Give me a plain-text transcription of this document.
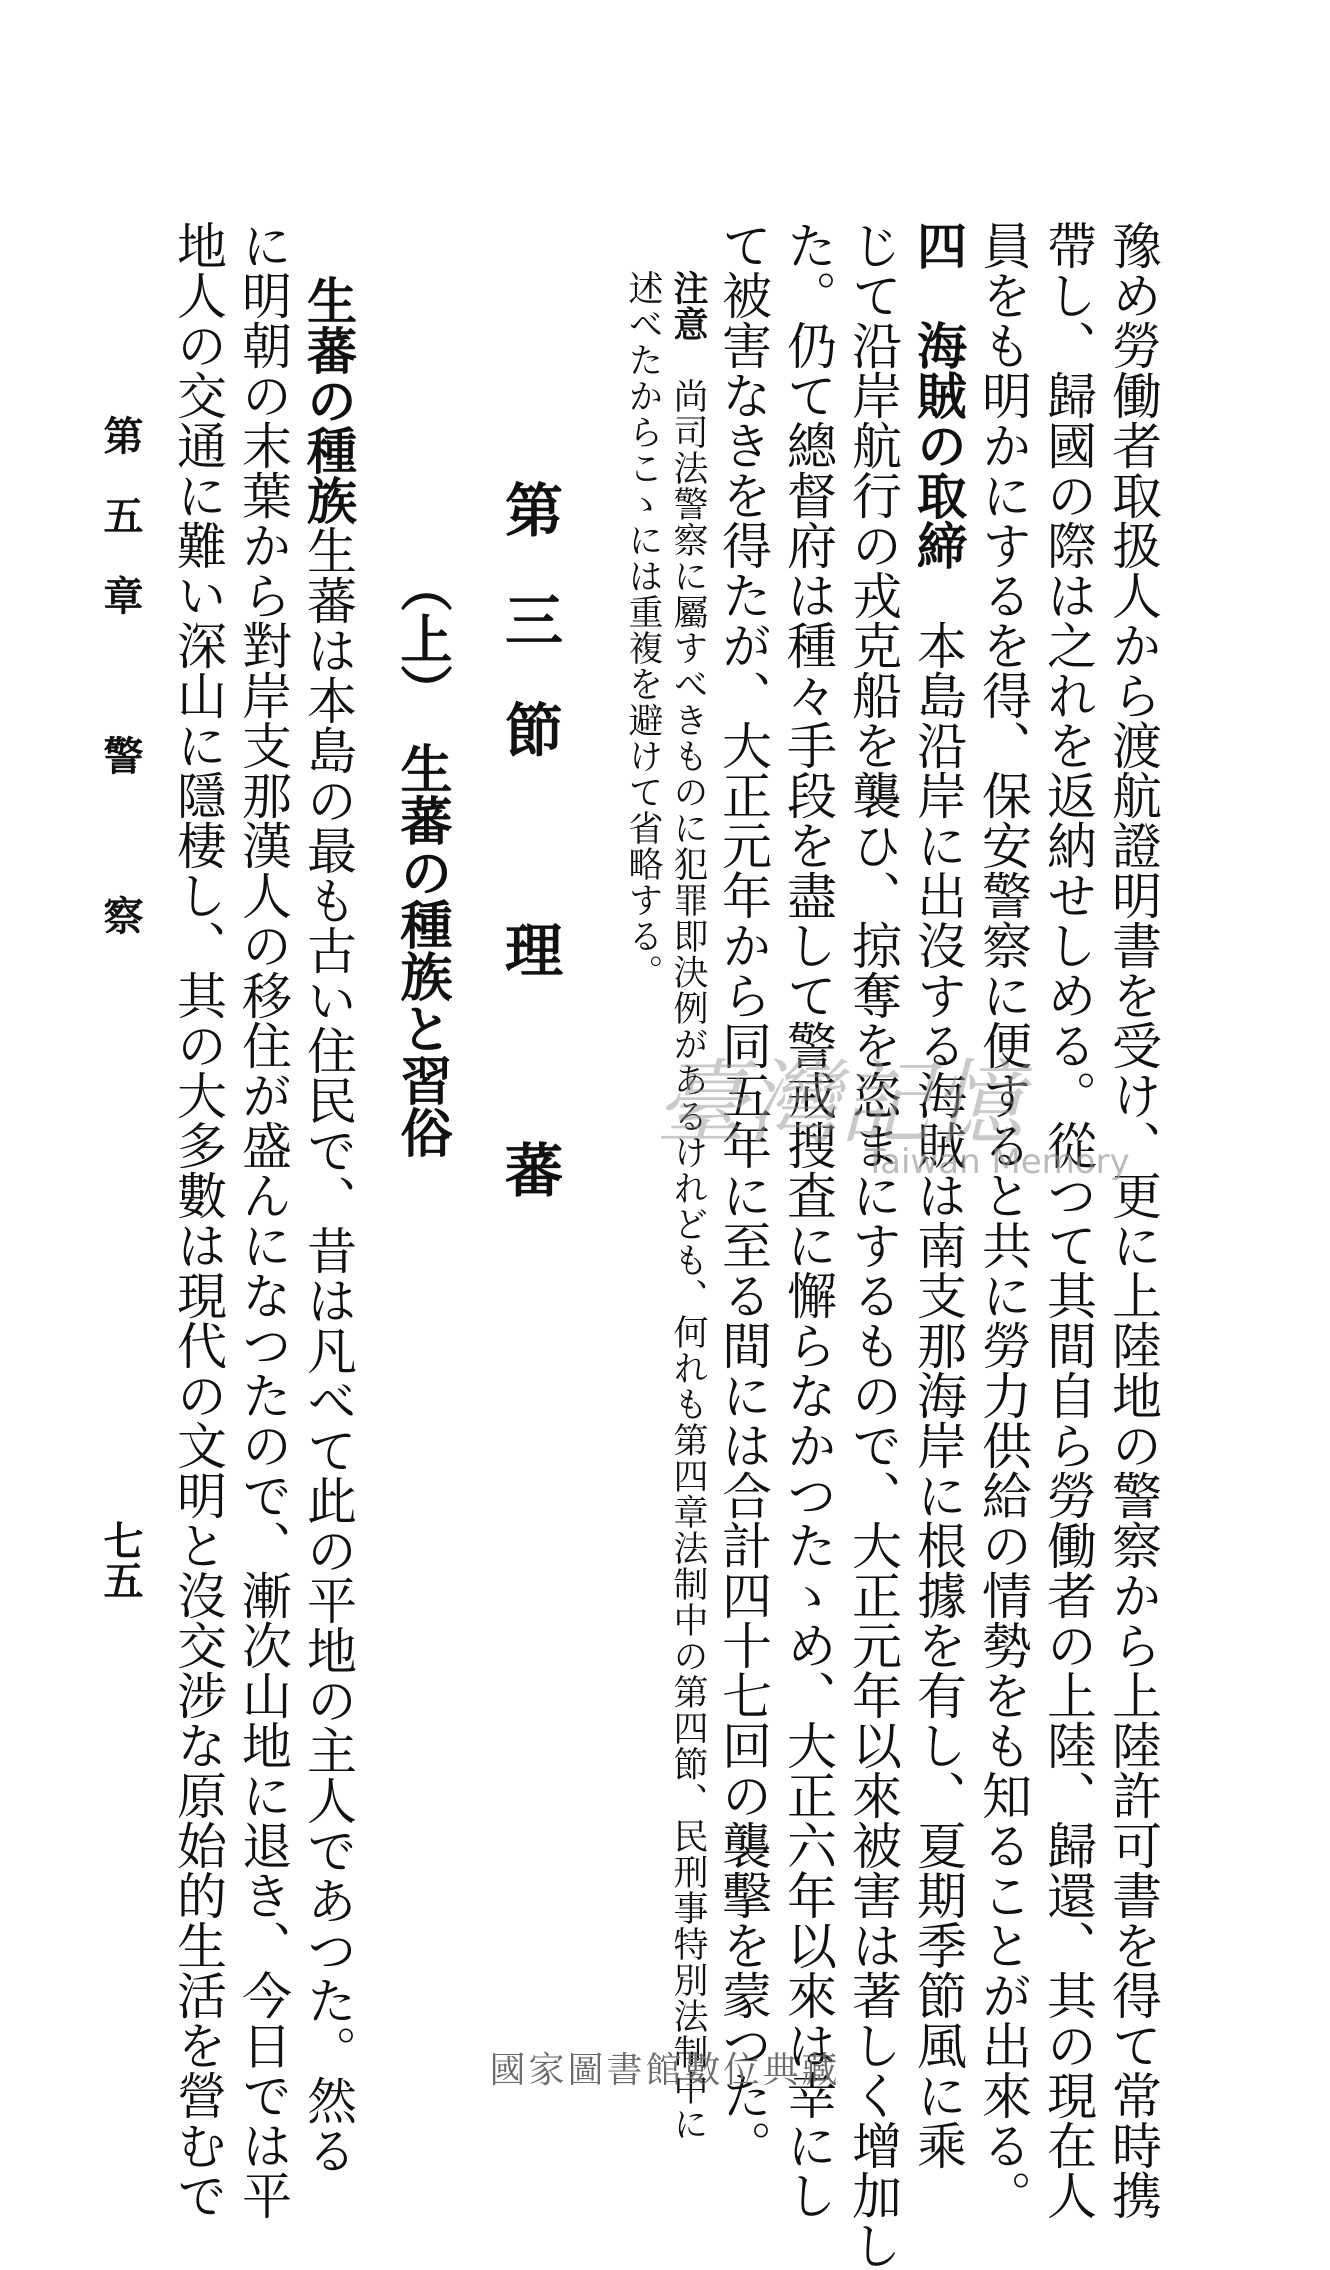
豫め勞働者取扱人から渡航證明書を受け、更に上陸地の警察から上陸許可書を得て常時携
帶し、歸國の際は之れを返納せしめる。從つて其間自ら勞働者の上陸、歸還、其の現在人
員をも明かにするを得、保安警察に便すると共に勞力供給の情勢をも知ることが出來る。
四　海賊の取締　本島沿岸に出沒する海賊は南支那海岸に根據を有し、夏期季節風に乘
じて沿岸航行の戎克船を襲ひ、掠奪を恣まにするもので、大正元年以來被害は著しく增加し
た。仍て總督府は種々手段を盡して警戒搜査に懈らなかつたゝめ、大正六年以來は幸にし
て被害なきを得たが、大正元年から同五年に至る間には合計四十七回の襲擊を蒙つた。
注意　尚司法警察に屬すべきものに犯罪即決例があるけれども、何れも第四章法制中の第四節、民刑事特別法制中に
述べたからこゝには重複を避けて省略する。
臺灣記憶
Taiwan Memory
第三節　理　蕃
（上）　生蕃の種族と習俗
生蕃の種族生蕃は本島の最も古い住民で、昔は凡べて此の平地の主人であつた。然る
に明朝の末葉から對岸支那漢人の移住が盛んになつたので、漸次山地に退き、今日では平
地人の交通に難い深山に隱棲し、其の大多數は現代の文明と沒交涉な原始的生活を營むで
第五章　警　察
七五
國家圖書館數位典藏
